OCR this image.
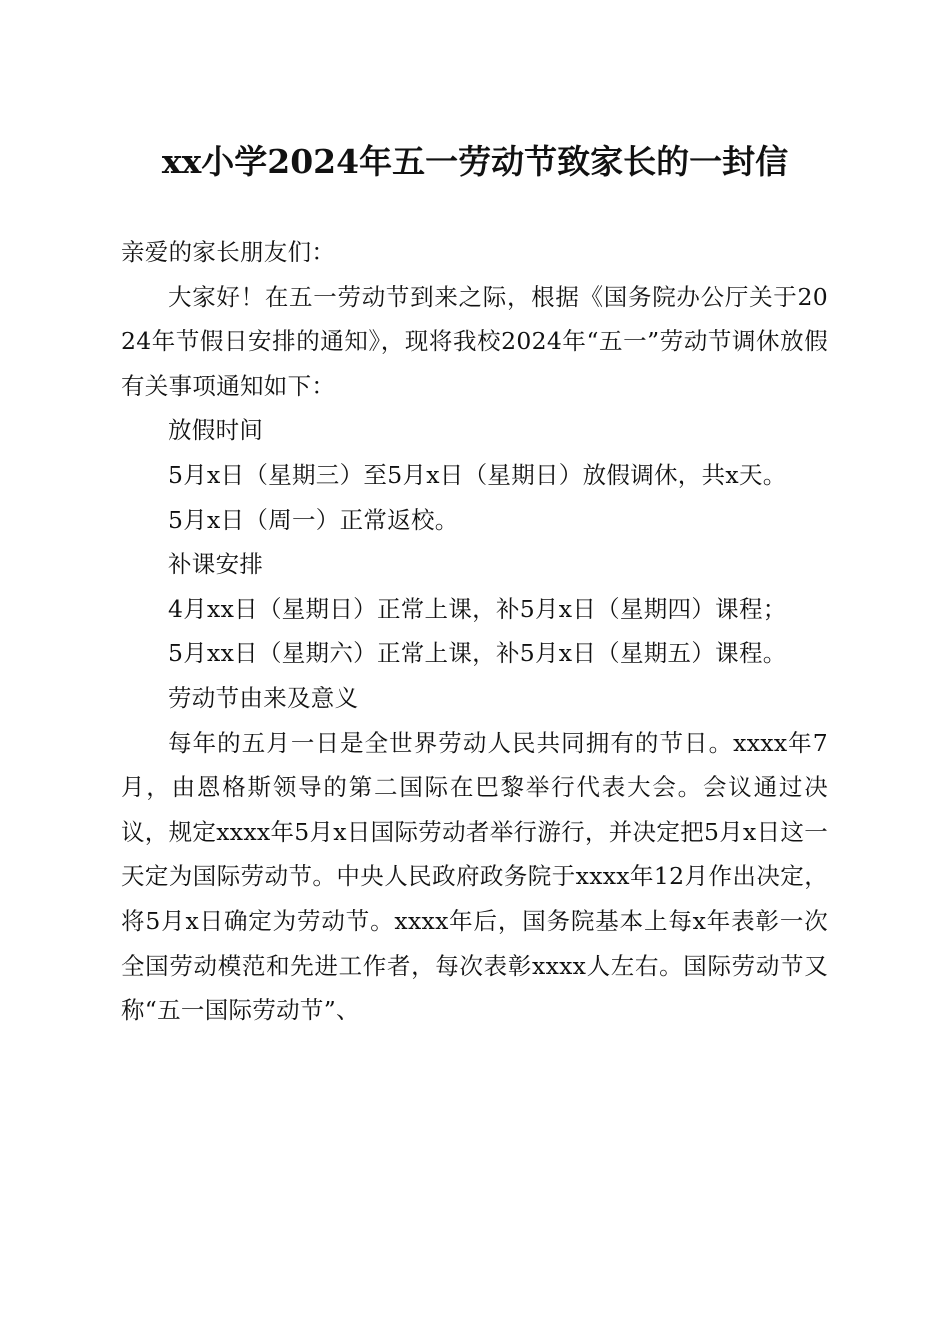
xx小学2024年五一劳动节致家长的一封信

亲爱的家长朋友们：

大家好！在五一劳动节到来之际，根据《国务院办公厅关于2024年节假日安排的通知》，现将我校2024年“五一”劳动节调休放假有关事项通知如下：

放假时间

5月x日（星期三）至5月x日（星期日）放假调休，共x天。

5月x日（周一）正常返校。

补课安排

4月xx日（星期日）正常上课，补5月x日（星期四）课程；

5月xx日（星期六）正常上课，补5月x日（星期五）课程。

劳动节由来及意义

每年的五月一日是全世界劳动人民共同拥有的节日。xxxx年7月，由恩格斯领导的第二国际在巴黎举行代表大会。会议通过决议，规定xxxx年5月x日国际劳动者举行游行，并决定把5月x日这一天定为国际劳动节。中央人民政府政务院于xxxx年12月作出决定，将5月x日确定为劳动节。xxxx年后，国务院基本上每x年表彰一次全国劳动模范和先进工作者，每次表彰xxxx人左右。国际劳动节又称“五一国际劳动节”、
